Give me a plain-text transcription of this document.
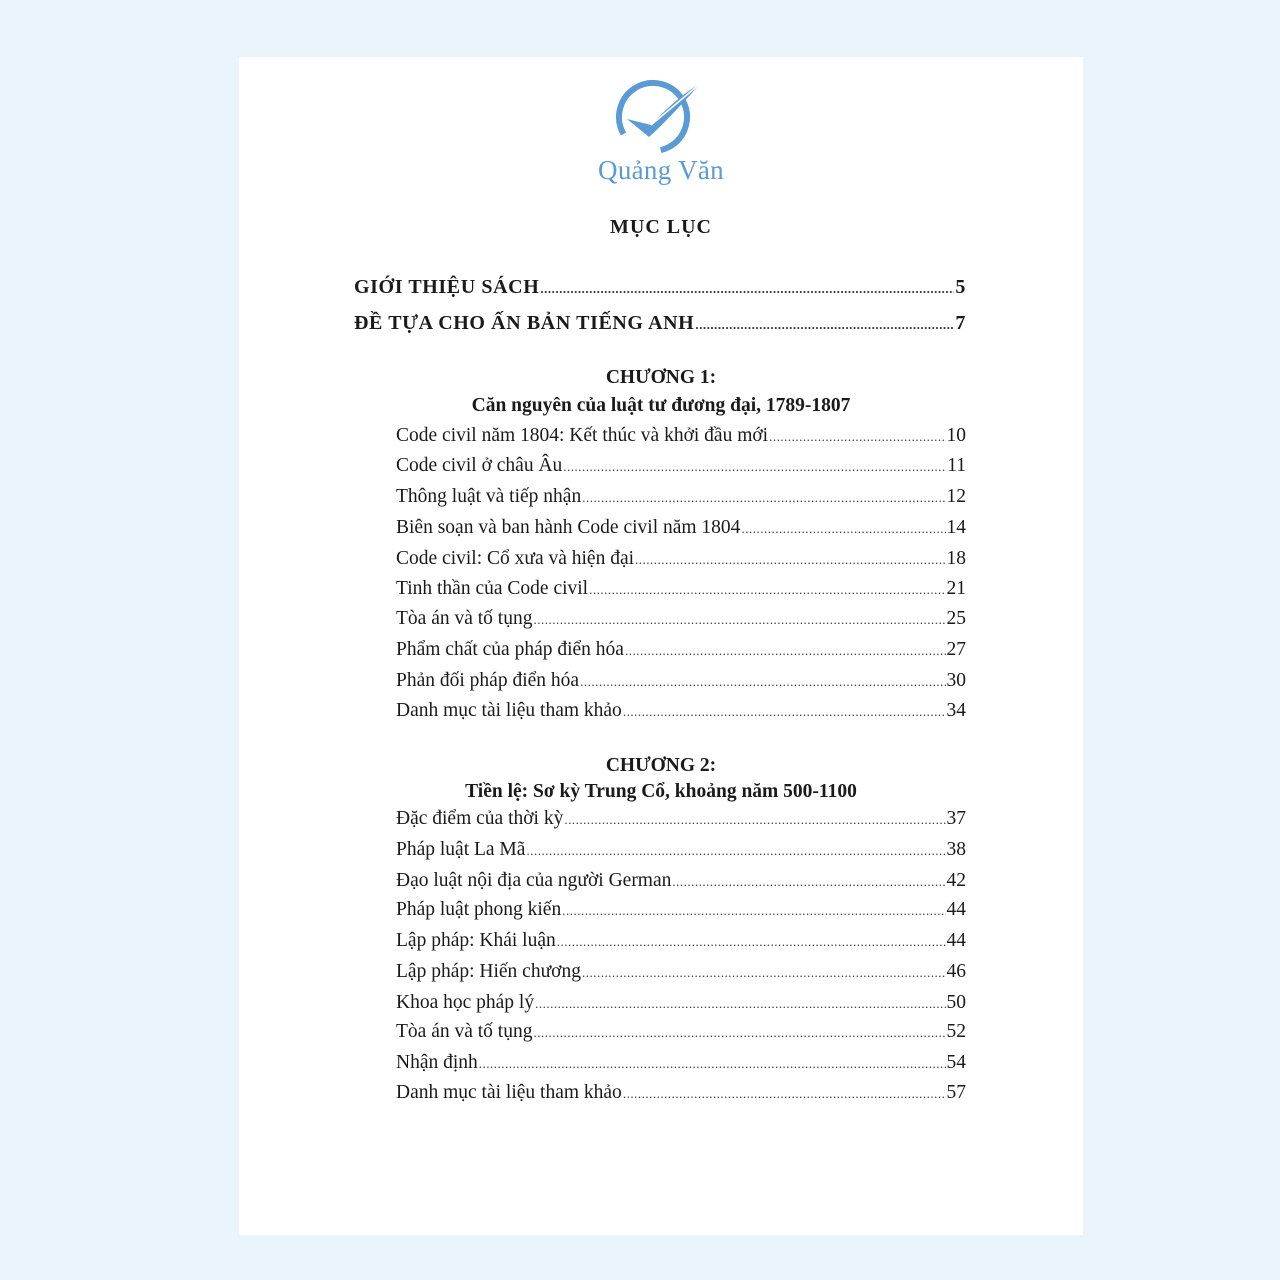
Quảng Văn
MỤC LỤC
GIỚI THIỆU SÁCH .....	5
ĐỀ TỰA CHO ẤN BẢN TIẾNG ANH .....	7
CHƯƠNG 1:
Căn nguyên của luật tư đương đại, 1789-1807
Code civil năm 1804: Kết thúc và khởi đầu mới .....	10
Code civil ở châu Âu .....	11
Thông luật và tiếp nhận .....	12
Biên soạn và ban hành Code civil năm 1804 .....	14
Code civil: Cổ xưa và hiện đại .....	18
Tinh thần của Code civil .....	21
Tòa án và tố tụng .....	25
Phẩm chất của pháp điển hóa .....	27
Phản đối pháp điển hóa .....	30
Danh mục tài liệu tham khảo .....	34
CHƯƠNG 2:
Tiền lệ: Sơ kỳ Trung Cổ, khoảng năm 500-1100
Đặc điểm của thời kỳ .....	37
Pháp luật La Mã .....	38
Đạo luật nội địa của người German .....	42
Pháp luật phong kiến .....	44
Lập pháp: Khái luận .....	44
Lập pháp: Hiến chương .....	46
Khoa học pháp lý .....	50
Tòa án và tố tụng .....	52
Nhận định .....	54
Danh mục tài liệu tham khảo .....	57
